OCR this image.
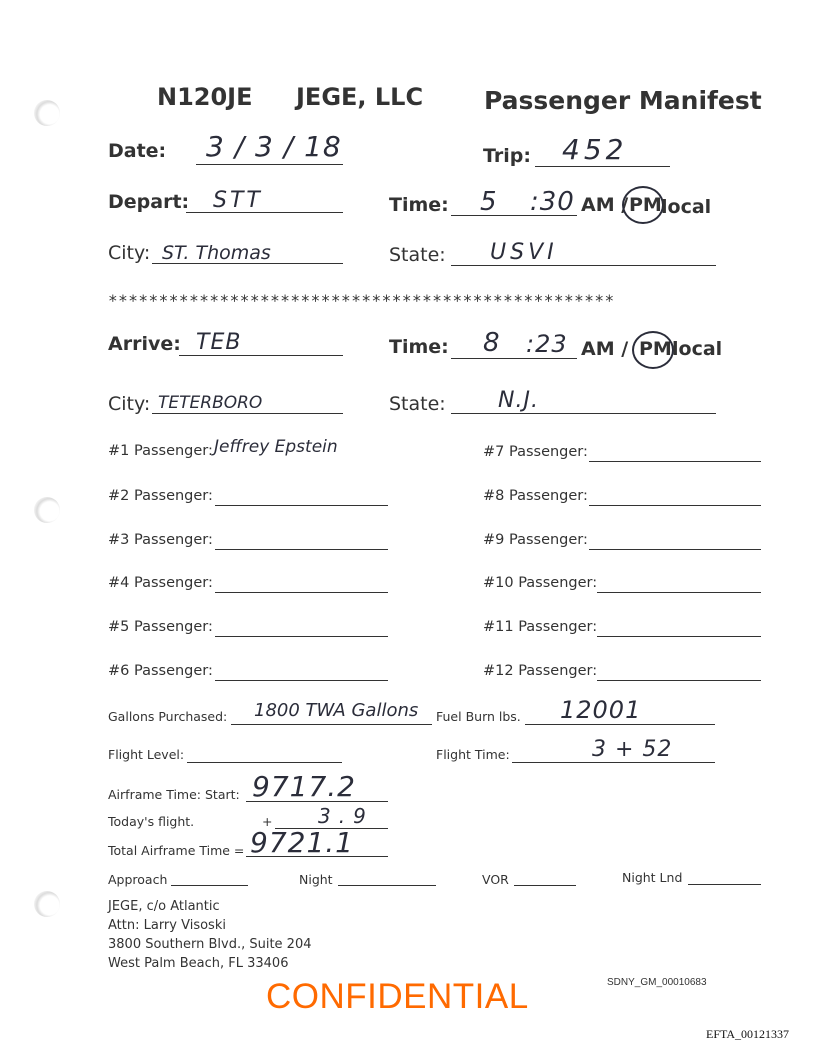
N120JE JEGE, LLC Passenger Manifest
Date: 3 / 3 / 18	Trip: 452
Depart: STT	Time: 5 :30 AM / PM local
City: ST. Thomas	State: USVI
**************************************************
Arrive: TEB	Time: 8 :23 AM / PM local
City: TETERBORO	State: N.J.
#1 Passenger: Jeffrey Epstein
#2 Passenger:
#3 Passenger:
#4 Passenger:
#5 Passenger:
#6 Passenger:
#7 Passenger:
#8 Passenger:
#9 Passenger:
#10 Passenger:
#11 Passenger:
#12 Passenger:
Gallons Purchased: 1800 TWA Gallons Fuel Burn lbs. 12001
Flight Level:	Flight Time:	3 + 52
Airframe Time: Start: 9717.2
Today's flight.	+ 3.9
Total Airframe Time = 9721.1
Approach	Night	VOR	Night Lnd
JEGE, c/o Atlantic
Attn: Larry Visoski
3800 Southern Blvd., Suite 204
West Palm Beach, FL 33406
SDNY_GM_00010683
CONFIDENTIAL
EFTA_00121337
